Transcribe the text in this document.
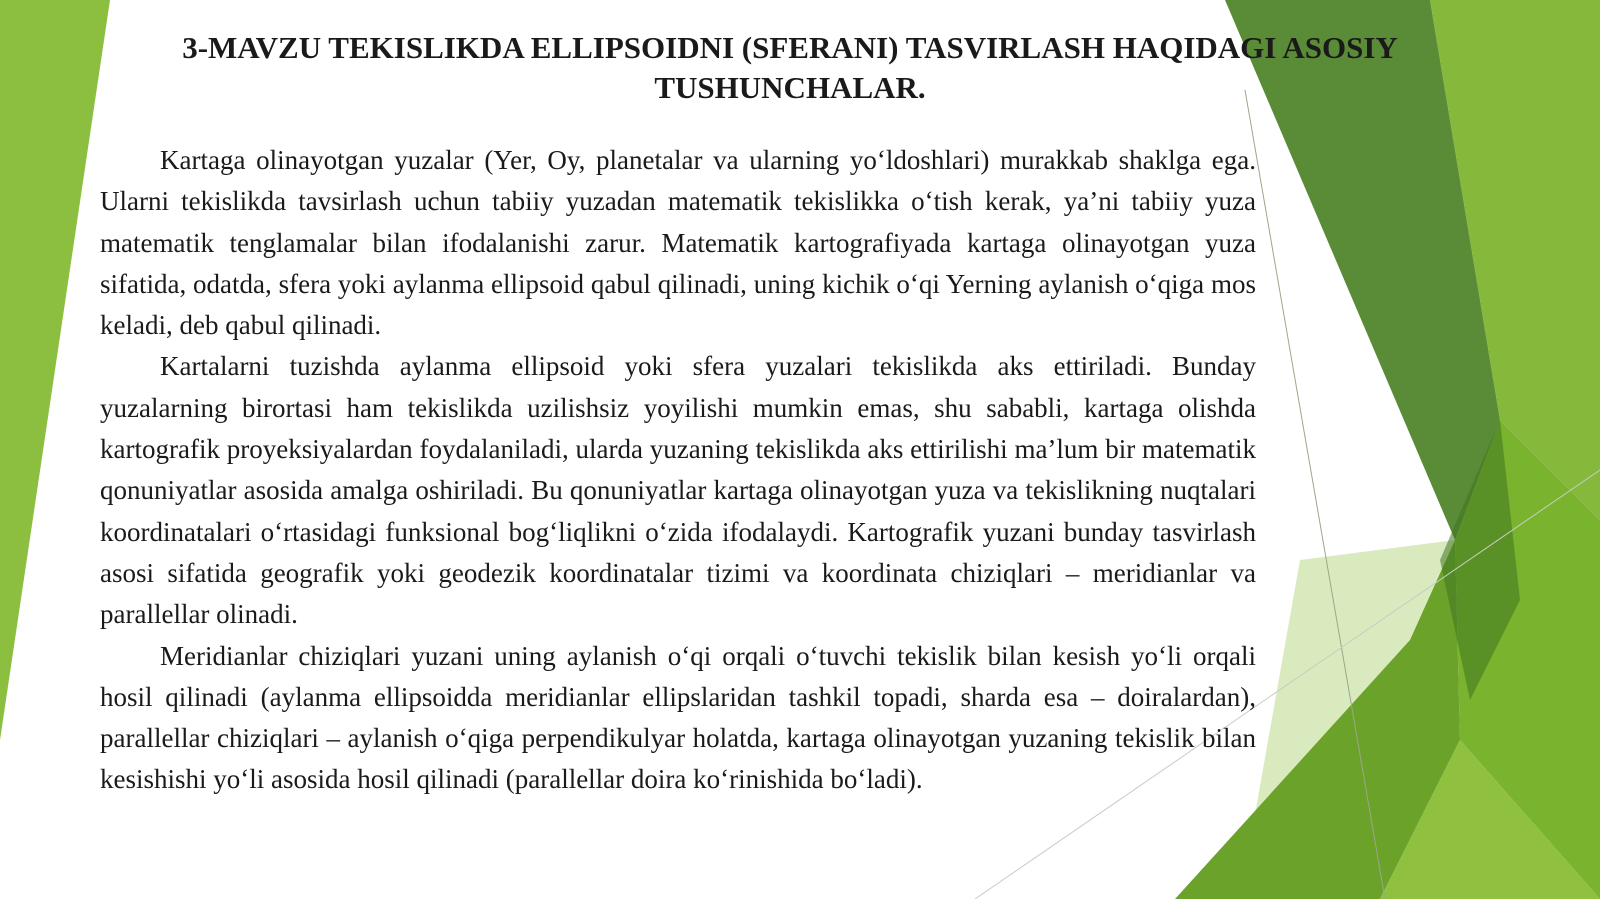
3-MAVZU TEKISLIKDA ELLIPSOIDNI (SFERANI) TASVIRLASH HAQIDAGI ASOSIY
TUSHUNCHALAR.

Kartaga olinayotgan yuzalar (Yer, Oy, planetalar va ularning yo‘ldoshlari) murakkab shaklga ega. Ularni tekislikda tavsirlash uchun tabiiy yuzadan matematik tekislikka o‘tish kerak, ya’ni tabiiy yuza matematik tenglamalar bilan ifodalanishi zarur. Matematik kartografiyada kartaga olinayotgan yuza sifatida, odatda, sfera yoki aylanma ellipsoid qabul qilinadi, uning kichik o‘qi Yerning aylanish o‘qiga mos keladi, deb qabul qilinadi.

Kartalarni tuzishda aylanma ellipsoid yoki sfera yuzalari tekislikda aks ettiriladi. Bunday yuzalarning birortasi ham tekislikda uzilishsiz yoyilishi mumkin emas, shu sababli, kartaga olishda kartografik proyeksiyalardan foydalaniladi, ularda yuzaning tekislikda aks ettirilishi ma’lum bir matematik qonuniyatlar asosida amalga oshiriladi. Bu qonuniyatlar kartaga olinayotgan yuza va tekislikning nuqtalari koordinatalari o‘rtasidagi funksional bog‘liqlikni o‘zida ifodalaydi. Kartografik yuzani bunday tasvirlash asosi sifatida geografik yoki geodezik koordinatalar tizimi va koordinata chiziqlari – meridianlar va parallellar olinadi.

Meridianlar chiziqlari yuzani uning aylanish o‘qi orqali o‘tuvchi tekislik bilan kesish yo‘li orqali hosil qilinadi (aylanma ellipsoidda meridianlar ellipslaridan tashkil topadi, sharda esa – doiralardan), parallellar chiziqlari – aylanish o‘qiga perpendikulyar holatda, kartaga olinayotgan yuzaning tekislik bilan kesishishi yo‘li asosida hosil qilinadi (parallellar doira ko‘rinishida bo‘ladi).
